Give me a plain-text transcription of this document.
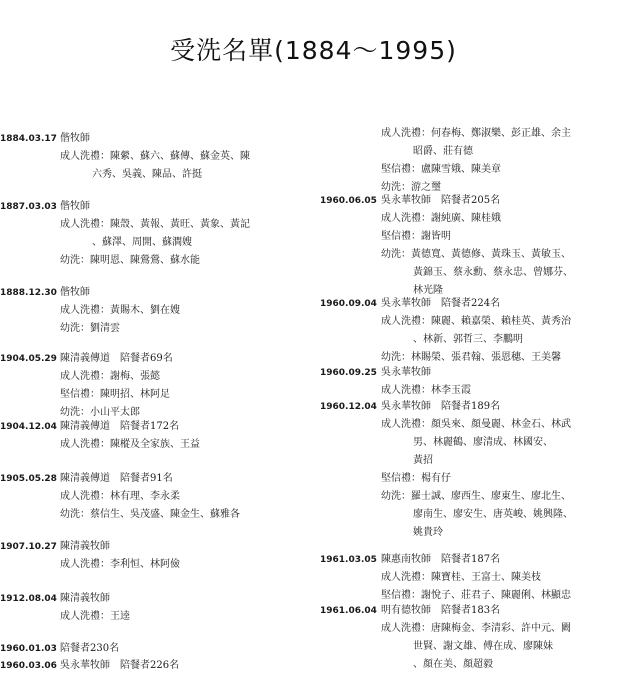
受洗名單(1884～1995)
1884.03.17 偕牧師
成人洗禮：陳縈、蘇六、蘇傳、蘇金英、陳
六秀、吳義、陳品、許挺
1887.03.03 偕牧師
成人洗禮：陳殼、黃報、黃旺、黃象、黃記
、蘇澤、周開、蘇澗嫂
幼洗：陳明恩、陳鶯鶯、蘇水能
1888.12.30 偕牧師
成人洗禮：黃賜木、劉在嫂
幼洗：劉清雲
1904.05.29 陳清義傳道　陪餐者69名
成人洗禮：謝梅、張懿
堅信禮：陳明招、林阿足
幼洗：小山平太郎
1904.12.04 陳清義傳道　陪餐者172名
成人洗禮：陳樅及全家族、王益
1905.05.28 陳清義傳道　陪餐者91名
成人洗禮：林有理、李永柔
幼洗：蔡信生、吳茂盛、陳金生、蘇雅各
1907.10.27 陳清義牧師
成人洗禮：李利恒、林阿儉
1912.08.04 陳清義牧師
成人洗禮：王逵
1960.01.03 陪餐者230名
1960.03.06 吳永華牧師　陪餐者226名
成人洗禮：何春梅、鄭淑樂、彭正雄、余主
昭爵、莊有德
堅信禮：盧陳雪娥、陳美章
幼洗：游之璽
1960.06.05 吳永華牧師　陪餐者205名
成人洗禮：謝純廣、陳桂娥
堅信禮：謝皆明
幼洗：黃德寬、黃德修、黃珠玉、黃敏玉、
黃錦玉、蔡永勳、蔡永忠、曾娜芬、
林光隆
1960.09.04 吳永華牧師　陪餐者224名
成人洗禮：陳麗、賴嘉榮、賴桂英、黃秀治
、林新、郭哲三、李鵬明
幼洗：林賜榮、張君翰、張恩穗、王美馨
1960.09.25 吳永華牧師
成人洗禮：林李玉霞
1960.12.04 吳永華牧師　陪餐者189名
成人洗禮：顏吳來、顏曼麗、林金石、林武
男、林麗鶴、廖清成、林國安、
黃招
堅信禮：楊有仔
幼洗：羅士誠、廖西生、廖東生、廖北生、
廖南生、廖安生、唐英峻、姚興隆、
姚貴玲
1961.03.05 陳惠南牧師　陪餐者187名
成人洗禮：陳寶桂、王富士、陳美枝
堅信禮：謝悅子、莊君子、陳麗俐、林顯忠
1961.06.04 明有德牧師　陪餐者183名
成人洗禮：唐陳梅金、李清彩、許中元、闕
世賢、謝文雄、傅在成、廖陳妹
、顏在美、顏超毅
